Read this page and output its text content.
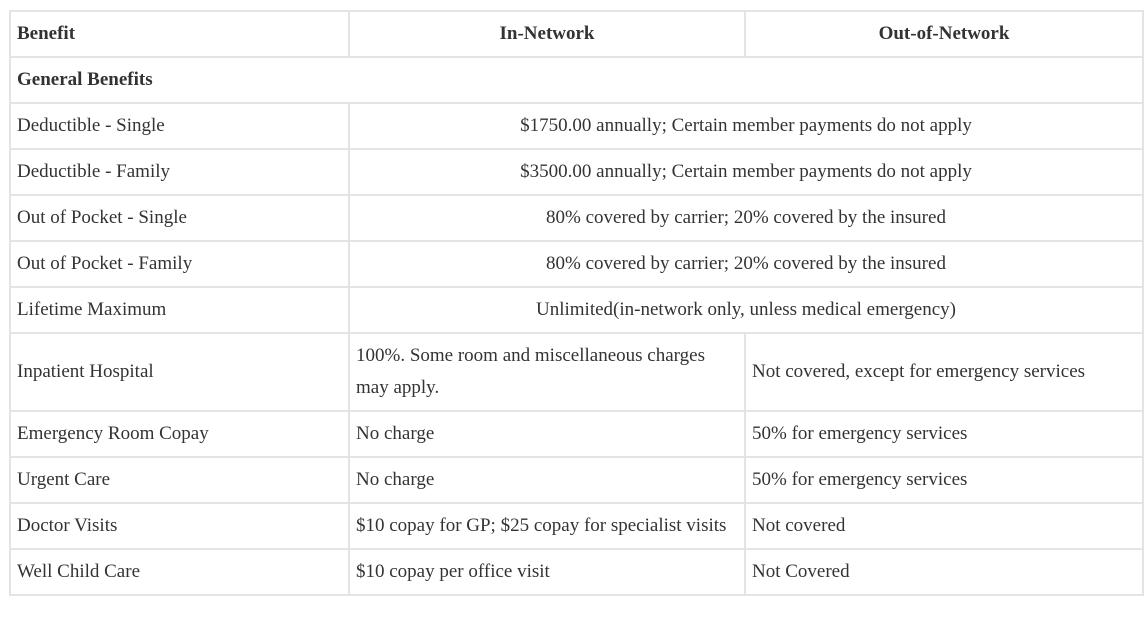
Benefit	In-Network	Out-of-Network
General Benefits		
Deductible - Single	$1750.00 annually; Certain member payments do not apply	
Deductible - Family	$3500.00 annually; Certain member payments do not apply	
Out of Pocket - Single	80% covered by carrier; 20% covered by the insured	
Out of Pocket - Family	80% covered by carrier; 20% covered by the insured	
Lifetime Maximum	Unlimited(in-network only, unless medical emergency)	
Inpatient Hospital	100%. Some room and miscellaneous charges may apply.	Not covered, except for emergency services
Emergency Room Copay	No charge	50% for emergency services
Urgent Care	No charge	50% for emergency services
Doctor Visits	$10 copay for GP; $25 copay for specialist visits	Not covered
Well Child Care	$10 copay per office visit	Not Covered
